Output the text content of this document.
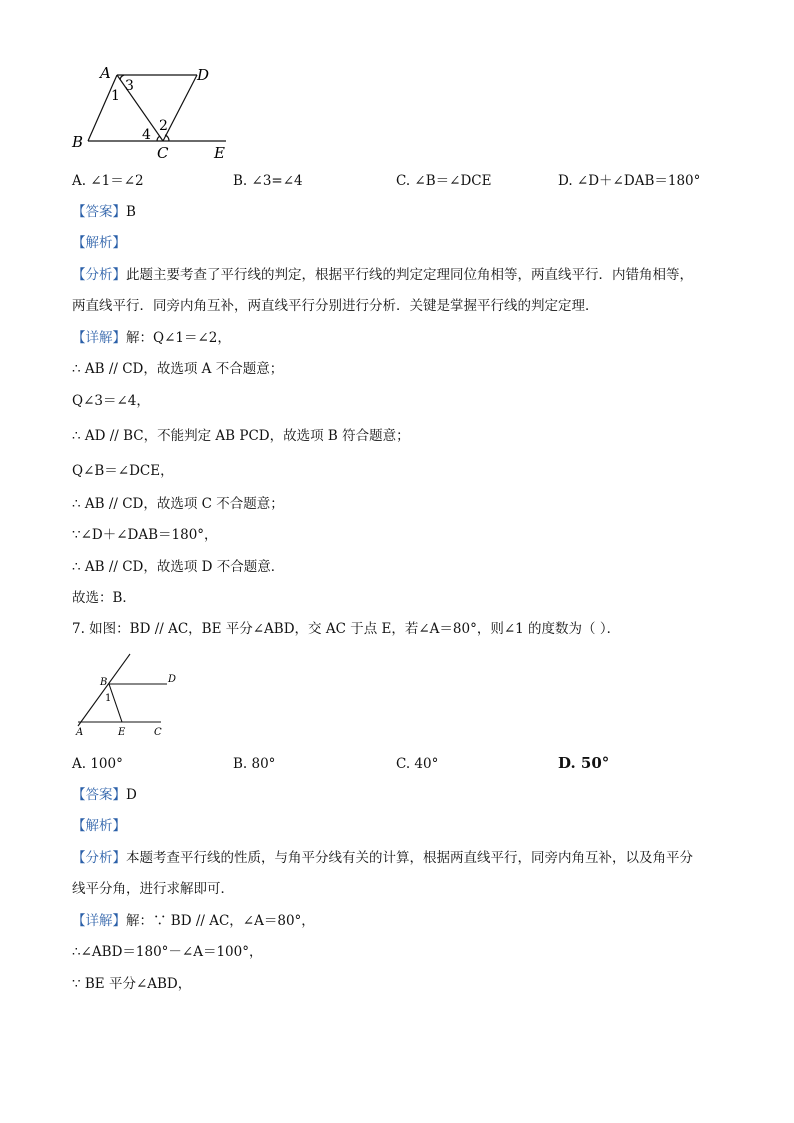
A	D
B
C	E
1
3
2
4
A. ∠1＝∠2	B. ∠3=∠4	C. ∠B＝∠DCE	D. ∠D＋∠DAB＝180°
【答案】B
【解析】
【分析】此题主要考查了平行线的判定，根据平行线的判定定理同位角相等，两直线平行．内错角相等，
两直线平行．同旁内角互补，两直线平行分别进行分析．关键是掌握平行线的判定定理．
【详解】解：Q∠1＝∠2，
∴ AB // CD，故选项 A 不合题意；
Q∠3＝∠4，
∴ AD // BC，不能判定 AB PCD，故选项 B 符合题意；
Q∠B＝∠DCE，
∴ AB // CD，故选项 C 不合题意；
∵∠D＋∠DAB＝180°，
∴ AB // CD，故选项 D 不合题意．
故选：B．
7. 如图：BD // AC，BE 平分∠ABD，交 AC 于点 E，若∠A＝80°，则∠1 的度数为（ ）．
B	D
1
A	E	C
A. 100°	B. 80°	C. 40°	D. 50°
【答案】D
【解析】
【分析】本题考查平行线的性质，与角平分线有关的计算，根据两直线平行，同旁内角互补，以及角平分
线平分角，进行求解即可．
【详解】解：∵ BD // AC，∠A＝80°，
∴∠ABD＝180°－∠A＝100°，
∵ BE 平分∠ABD，
